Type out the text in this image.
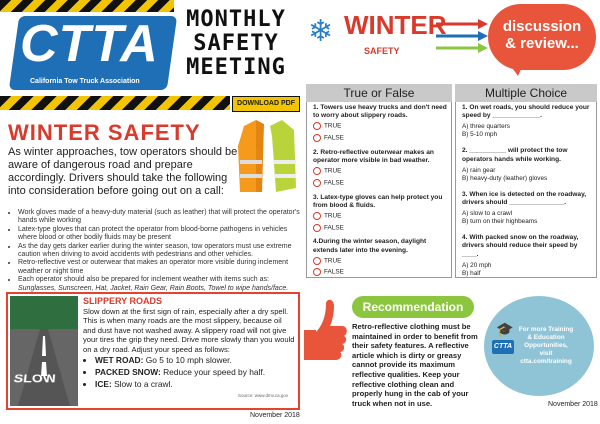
CTTA
California Tow Truck Association
MONTHLY
SAFETY
MEETING
DOWNLOAD PDF
WINTER SAFETY
As winter approaches, tow operators should be aware of dangerous road and prepare accordingly. Drivers should take the following into consideration before going out on a call:
• Work gloves made of a heavy-duty material (such as leather) that will protect the operator's hands while working
• Latex-type gloves that can protect the operator from blood-borne pathogens in vehicles where blood or other bodily fluids may be present
• As the day gets darker earlier during the winter season, tow operators must use extreme caution when driving to avoid accidents with pedestrians and other vehicles.
• Retro-reflective vest or outerwear that makes an operator more visible during inclement weather or night time
• Each operator should also be prepared for inclement weather with items such as: Sunglasses, Sunscreen, Hat, Jacket, Rain Gear, Rain Boots, Towel to wipe hands/face.
SLOW
SLIPPERY ROADS
Slow down at the first sign of rain, especially after a dry spell. This is when many roads are the most slippery, because oil and dust have not washed away. A slippery road will not give your tires the grip they need. Drive more slowly than you would on a dry road. Adjust your speed as follows:
• WET ROAD: Go 5 to 10 mph slower.
• PACKED SNOW: Reduce your speed by half.
• ICE: Slow to a crawl.
Source: www.dmv.ca.gov
November 2018
❄ WINTER
SAFETY
discussion
& review...
True or False
1. Towers use heavy trucks and don't need to worry about slippery roads.
TRUE
FALSE
2. Retro-reflective outerwear makes an operator more visible in bad weather.
TRUE
FALSE
3. Latex-type gloves can help protect you from blood & fluids.
TRUE
FALSE
4.During the winter season, daylight extends later into the evening.
TRUE
FALSE
Multiple Choice
1. On wet roads, you should reduce your speed by _____________.
A) three quarters
B) 5-10 mph
2. __________ will protect the tow operators hands while working.
A) rain gear
B) heavy-duty (leather) gloves
3. When ice is detected on the roadway, drivers should _______________.
A) slow to a crawl
B) turn on their highbeams
4. With packed snow on the roadway, drivers should reduce their speed by ____.
A) 20 mph
B) half
Recommendation
Retro-reflective clothing must be maintained in order to benefit from their safety features. A reflective article which is dirty or greasy cannot provide its maximum reflective qualities. Keep your reflective clothing clean and properly hung in the cab of your truck when not in use.
🎓
CTTA
For more Training
& Education
Opportunities,
visit
ctta.com/training
November 2018
